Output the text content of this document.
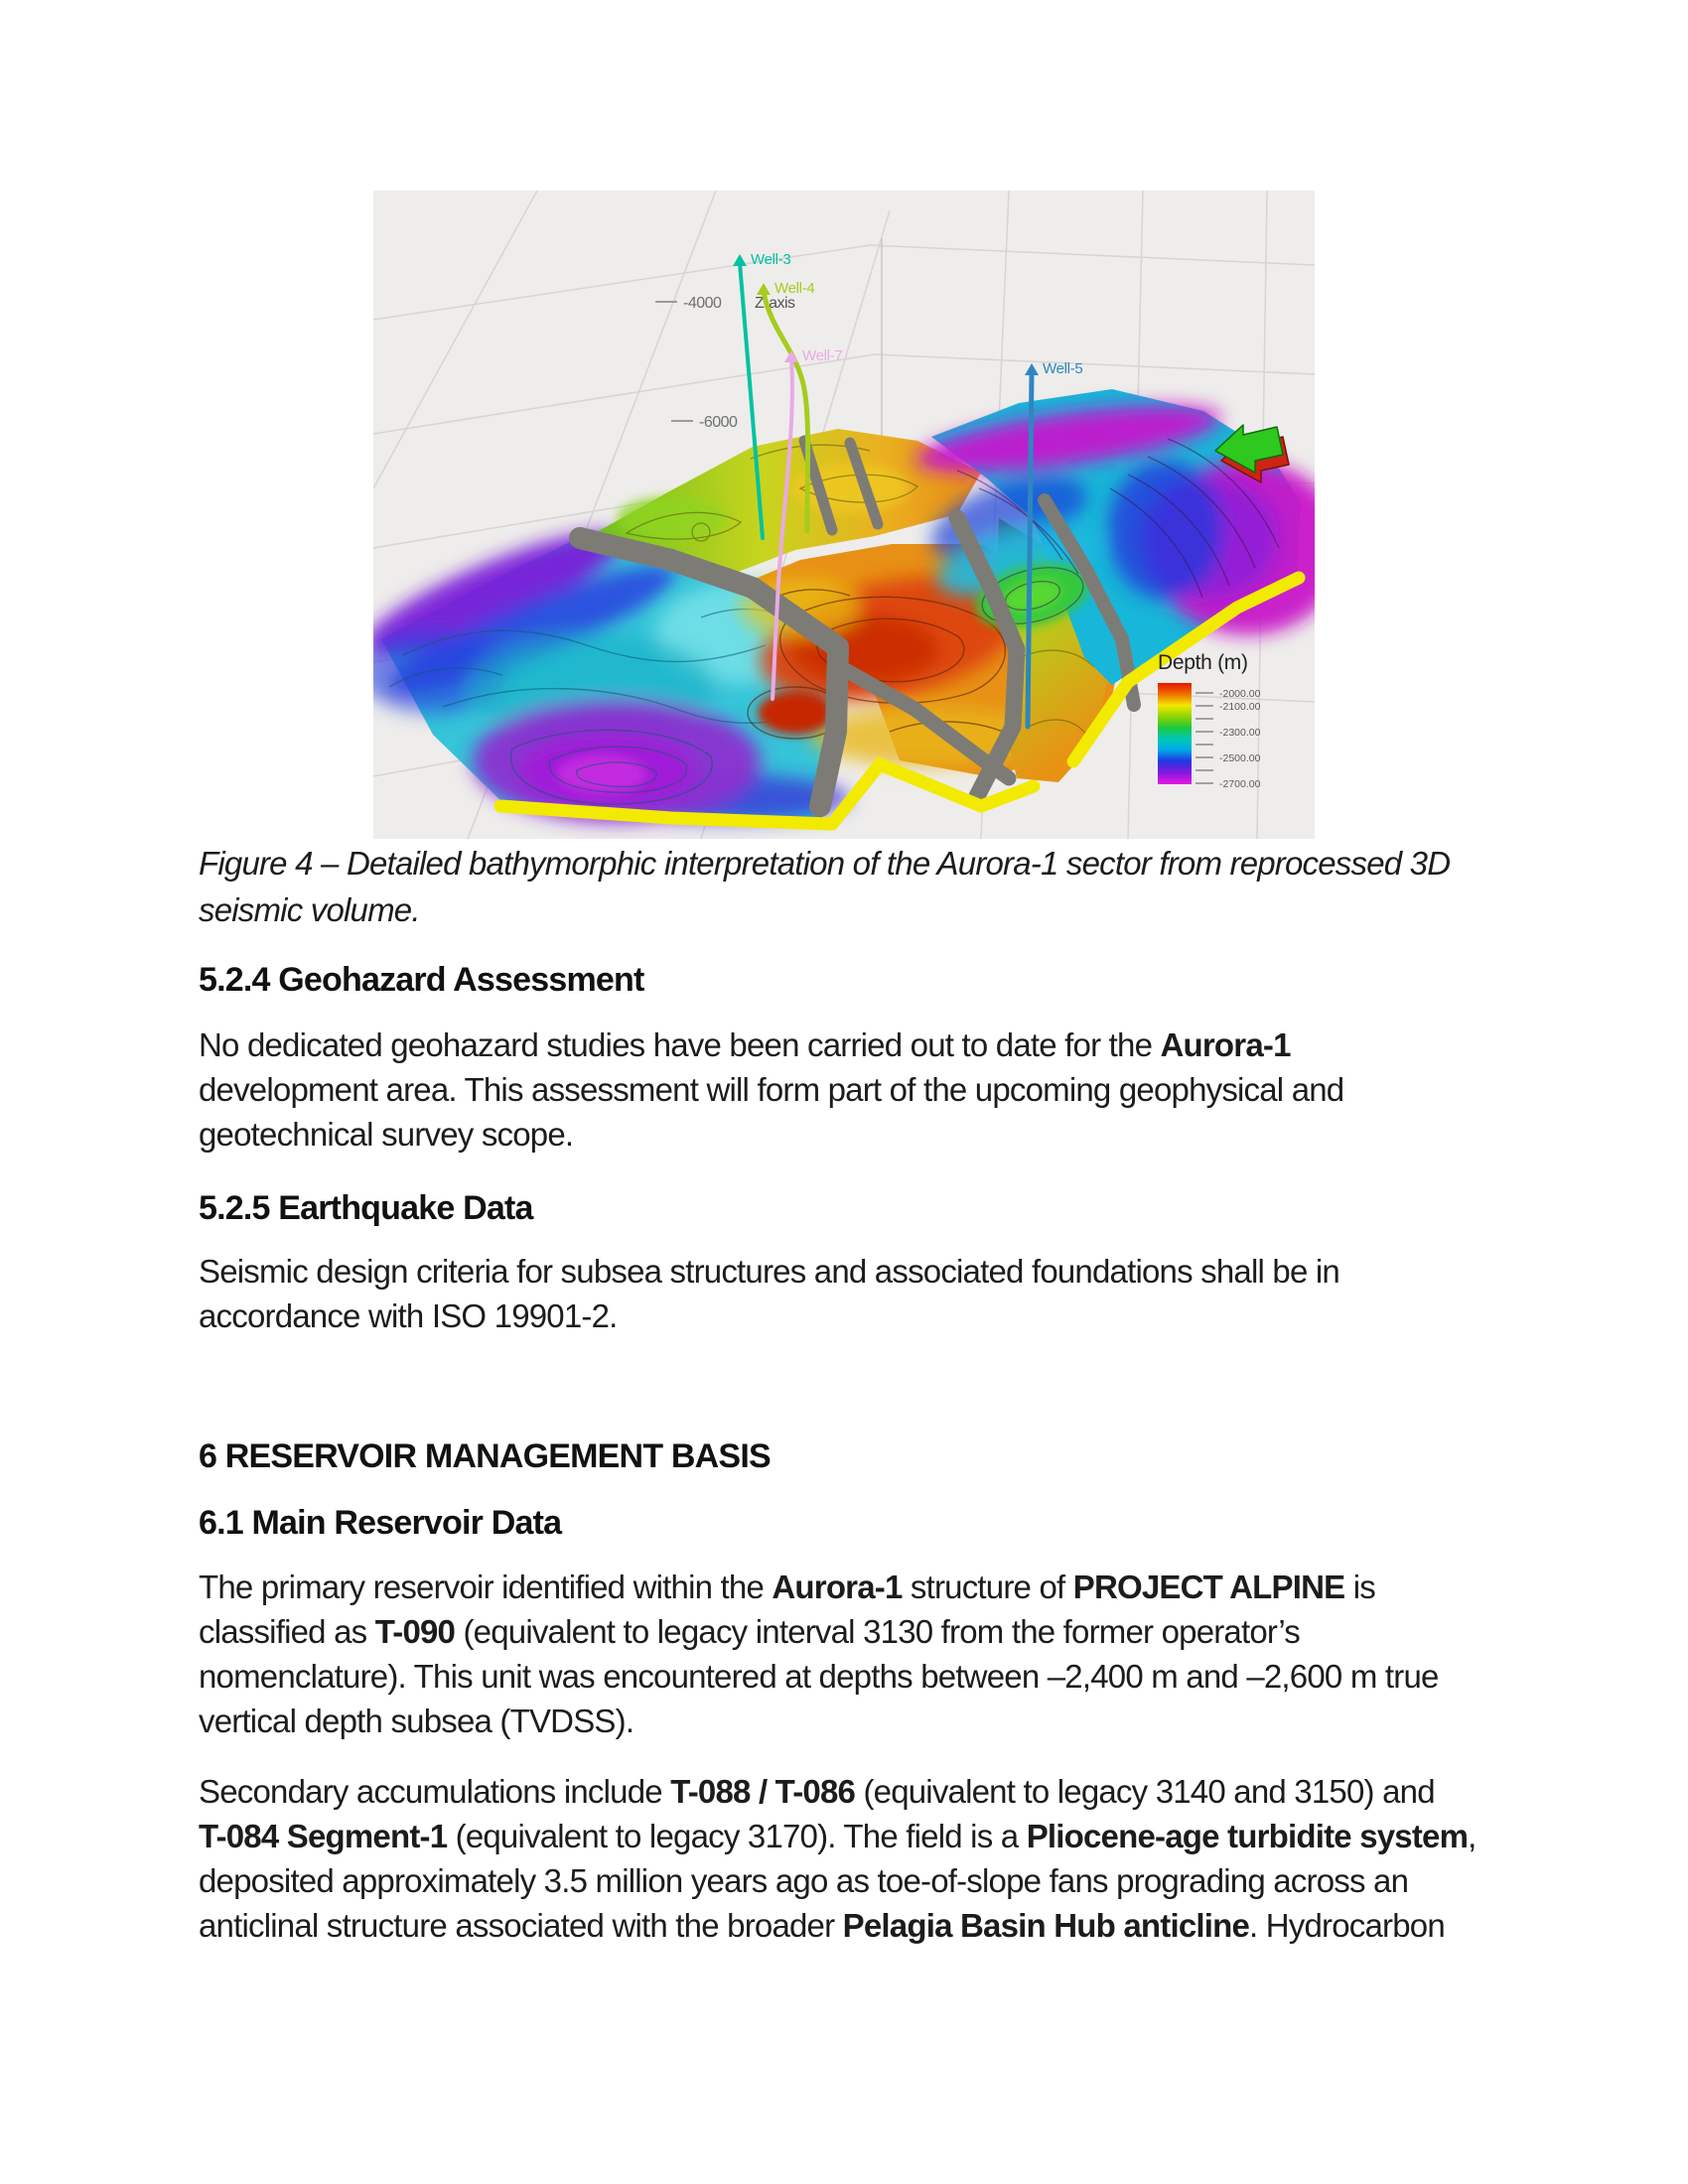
-4000
-6000
Z-axis
Well-3
Well-4
Well-7
Well-5
Depth (m)
-2000.00
-2100.00
-2300.00
-2500.00
-2700.00
Figure 4 – Detailed bathymorphic interpretation of the Aurora-1 sector from reprocessed 3D
seismic volume.
5.2.4 Geohazard Assessment
No dedicated geohazard studies have been carried out to date for the Aurora-1
development area. This assessment will form part of the upcoming geophysical and
geotechnical survey scope.
5.2.5 Earthquake Data
Seismic design criteria for subsea structures and associated foundations shall be in
accordance with ISO 19901-2.
6 RESERVOIR MANAGEMENT BASIS
6.1 Main Reservoir Data
The primary reservoir identified within the Aurora-1 structure of PROJECT ALPINE is
classified as T-090 (equivalent to legacy interval 3130 from the former operator’s
nomenclature). This unit was encountered at depths between –2,400 m and –2,600 m true
vertical depth subsea (TVDSS).
Secondary accumulations include T-088 / T-086 (equivalent to legacy 3140 and 3150) and
T-084 Segment-1 (equivalent to legacy 3170). The field is a Pliocene-age turbidite system,
deposited approximately 3.5 million years ago as toe-of-slope fans prograding across an
anticlinal structure associated with the broader Pelagia Basin Hub anticline. Hydrocarbon
